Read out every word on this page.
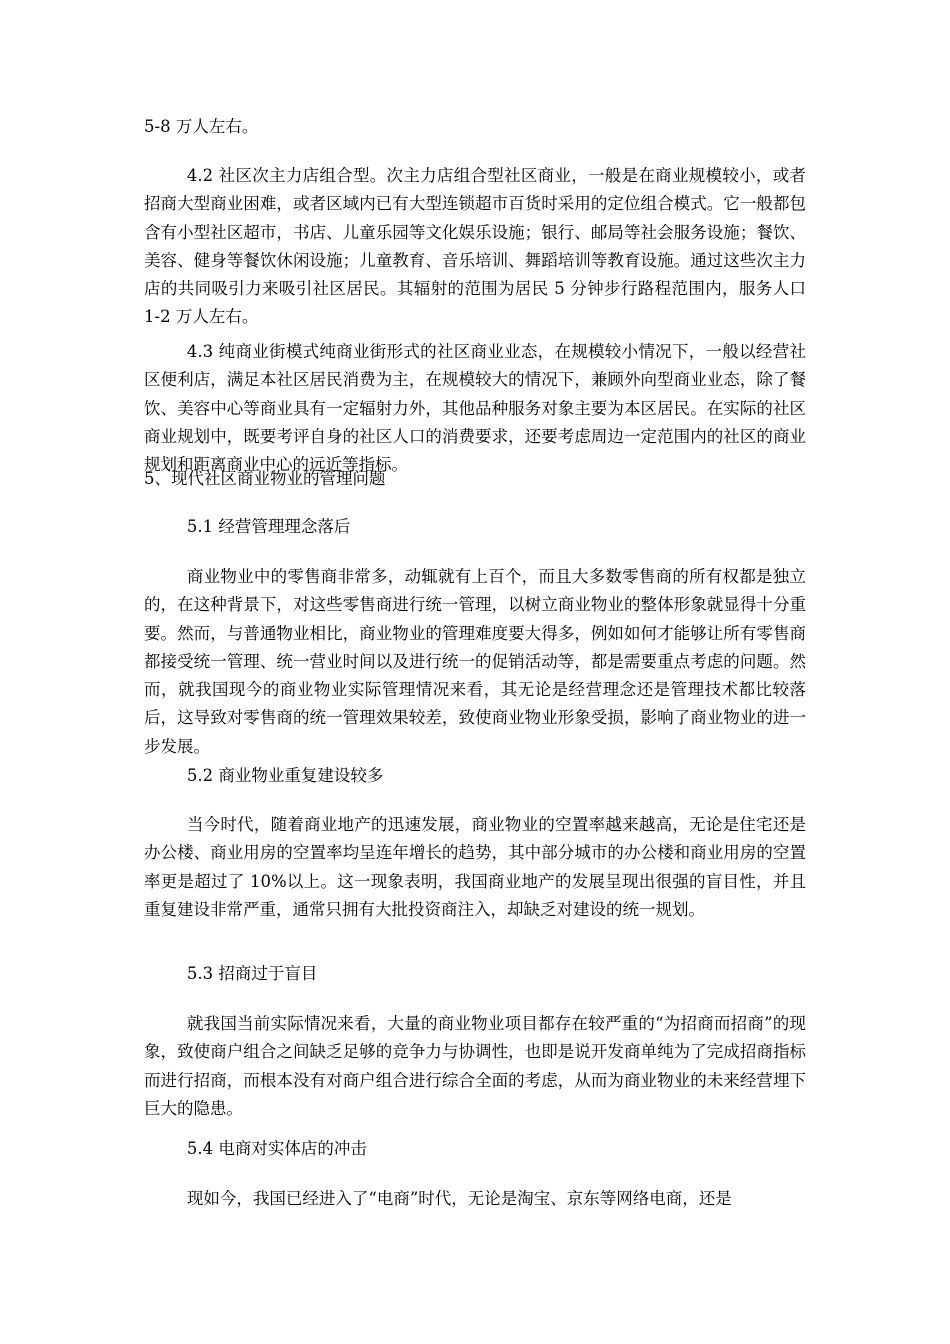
5-8 万人左右。

4.2 社区次主力店组合型。次主力店组合型社区商业，一般是在商业规模较小，或者招商大型商业困难，或者区域内已有大型连锁超市百货时采用的定位组合模式。它一般都包含有小型社区超市，书店、儿童乐园等文化娱乐设施；银行、邮局等社会服务设施；餐饮、美容、健身等餐饮休闲设施；儿童教育、音乐培训、舞蹈培训等教育设施。通过这些次主力店的共同吸引力来吸引社区居民。其辐射的范围为居民 5 分钟步行路程范围内，服务人口 1-2 万人左右。

4.3 纯商业街模式纯商业街形式的社区商业业态，在规模较小情况下，一般以经营社区便利店，满足本社区居民消费为主，在规模较大的情况下，兼顾外向型商业业态，除了餐饮、美容中心等商业具有一定辐射力外，其他品种服务对象主要为本区居民。在实际的社区商业规划中，既要考评自身的社区人口的消费要求，还要考虑周边一定范围内的社区的商业规划和距离商业中心的远近等指标。

5、现代社区商业物业的管理问题

5.1 经营管理理念落后

商业物业中的零售商非常多，动辄就有上百个，而且大多数零售商的所有权都是独立的，在这种背景下，对这些零售商进行统一管理，以树立商业物业的整体形象就显得十分重要。然而，与普通物业相比，商业物业的管理难度要大得多，例如如何才能够让所有零售商都接受统一管理、统一营业时间以及进行统一的促销活动等，都是需要重点考虑的问题。然而，就我国现今的商业物业实际管理情况来看，其无论是经营理念还是管理技术都比较落后，这导致对零售商的统一管理效果较差，致使商业物业形象受损，影响了商业物业的进一步发展。

5.2 商业物业重复建设较多

当今时代，随着商业地产的迅速发展，商业物业的空置率越来越高，无论是住宅还是办公楼、商业用房的空置率均呈连年增长的趋势，其中部分城市的办公楼和商业用房的空置率更是超过了 10%以上。这一现象表明，我国商业地产的发展呈现出很强的盲目性，并且重复建设非常严重，通常只拥有大批投资商注入，却缺乏对建设的统一规划。

5.3 招商过于盲目

就我国当前实际情况来看，大量的商业物业项目都存在较严重的“为招商而招商”的现象，致使商户组合之间缺乏足够的竞争力与协调性，也即是说开发商单纯为了完成招商指标而进行招商，而根本没有对商户组合进行综合全面的考虑，从而为商业物业的未来经营埋下巨大的隐患。

5.4 电商对实体店的冲击

现如今，我国已经进入了“电商”时代，无论是淘宝、京东等网络电商，还是
